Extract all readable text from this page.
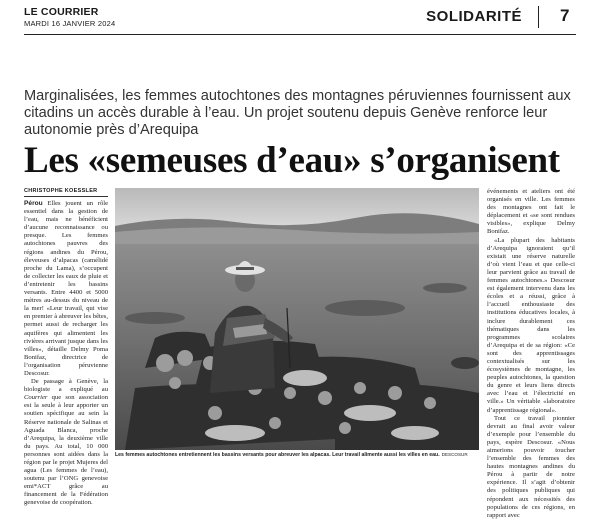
LE COURRIER
MARDI 16 JANVIER 2024	SOLIDARITÉ 7
Marginalisées, les femmes autochtones des montagnes péruviennes fournissent aux citadins un accès durable à l’eau. Un projet soutenu depuis Genève renforce leur autonomie près d’Arequipa
Les «semeuses d’eau» s’organisent
CHRISTOPHE KOESSLER

Pérou Elles jouent un rôle essentiel dans la gestion de l’eau, mais ne bénéficient d’aucune reconnaissance ou presque. Les femmes autochtones pauvres des régions andines du Pérou, éleveuses d’alpacas (camélidé proche du Lama), s’occupent de collecter les eaux de pluie et d’entretenir les bassins versants. Entre 4400 et 5000 mètres au-dessus du niveau de la mer! «Leur travail, qui vise en premier à abreuver les bêtes, permet aussi de recharger les aquifères qui alimentent les rivières arrivant jusque dans les villes», détaille Delmy Poma Bonifaz, directrice de l’organisation péruvienne Descosur.

De passage à Genève, la biologiste a expliqué au Courrier que son association est la seule à leur apporter un soutien spécifique au sein la Réserve nationale de Salinas et Aguada Blanca, proche d’Arequipa, la deuxième ville du pays. Au total, 10 000 personnes sont aidées dans la région par le projet Mujeres del agua (Les femmes de l’eau), soutenu par l’ONG genevoise emi*ACT grâce au financement de la Fédération genevoise de coopération.

Les femmes autochtones entretiennent les bassins versants pour abreuver les alpacas. Leur travail alimente aussi les villes en eau. DESCOSUR

événements et ateliers ont été organisés en ville. Les femmes des montagnes ont fait le déplacement et «se sont rendues visibles», explique Delmy Bonifaz.

«La plupart des habitants d’Arequipa ignoraient qu’il existait une réserve naturelle d’où vient l’eau et que celle-ci leur parvient grâce au travail de femmes autochtones.» Descosur est également intervenu dans les écoles et a réussi, grâce à l’accueil enthousiaste des institutions éducatives locales, à inclure durablement ces thématiques dans les programmes scolaires d’Arequipa et de sa région: «Ce sont des apprentissages contextualisés sur les écosystèmes de montagne, les peuples autochtones, la question du genre et leurs liens directs avec l’eau et l’électricité en ville.» Un véritable «laboratoire d’apprentissage régional».

Tout ce travail pionnier devrait au final avoir valeur d’exemple pour l’ensemble du pays, espère Descosur. «Nous aimerions pouvoir toucher l’ensemble des femmes des hautes montagnes andines du Pérou à partir de notre expérience. Il s’agit d’obtenir des politiques publiques qui répondent aux nécessités des populations de ces régions, en rapport avec
